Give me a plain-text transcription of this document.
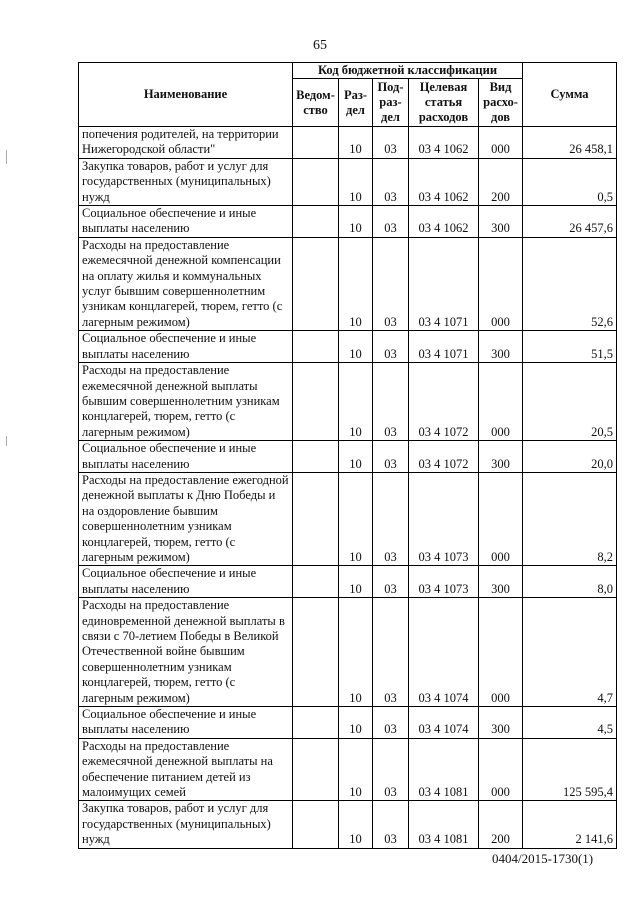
65
Наименование	Код бюджетной классификации					Сумма
	Ведом-ство	Раз-дел	Под-раз-дел	Целевая статья расходов	Вид расхо-дов	
попечения родителей, на территории Нижегородской области"		10	03	03 4 1062	000	26 458,1
Закупка товаров, работ и услуг для государственных (муниципальных) нужд		10	03	03 4 1062	200	0,5
Социальное обеспечение и иные выплаты населению		10	03	03 4 1062	300	26 457,6
Расходы на предоставление ежемесячной денежной компенсации на оплату жилья и коммунальных услуг бывшим совершеннолетним узникам концлагерей, тюрем, гетто (с лагерным режимом)		10	03	03 4 1071	000	52,6
Социальное обеспечение и иные выплаты населению		10	03	03 4 1071	300	51,5
Расходы на предоставление ежемесячной денежной выплаты бывшим совершеннолетним узникам концлагерей, тюрем, гетто (с лагерным режимом)		10	03	03 4 1072	000	20,5
Социальное обеспечение и иные выплаты населению		10	03	03 4 1072	300	20,0
Расходы на предоставление ежегодной денежной выплаты к Дню Победы и на оздоровление бывшим совершеннолетним узникам концлагерей, тюрем, гетто (с лагерным режимом)		10	03	03 4 1073	000	8,2
Социальное обеспечение и иные выплаты населению		10	03	03 4 1073	300	8,0
Расходы на предоставление единовременной денежной выплаты в связи с 70-летием Победы в Великой Отечественной войне бывшим совершеннолетним узникам концлагерей, тюрем, гетто (с лагерным режимом)		10	03	03 4 1074	000	4,7
Социальное обеспечение и иные выплаты населению		10	03	03 4 1074	300	4,5
Расходы на предоставление ежемесячной денежной выплаты на обеспечение питанием детей из малоимущих семей		10	03	03 4 1081	000	125 595,4
Закупка товаров, работ и услуг для государственных (муниципальных) нужд		10	03	03 4 1081	200	2 141,6
0404/2015-1730(1)
